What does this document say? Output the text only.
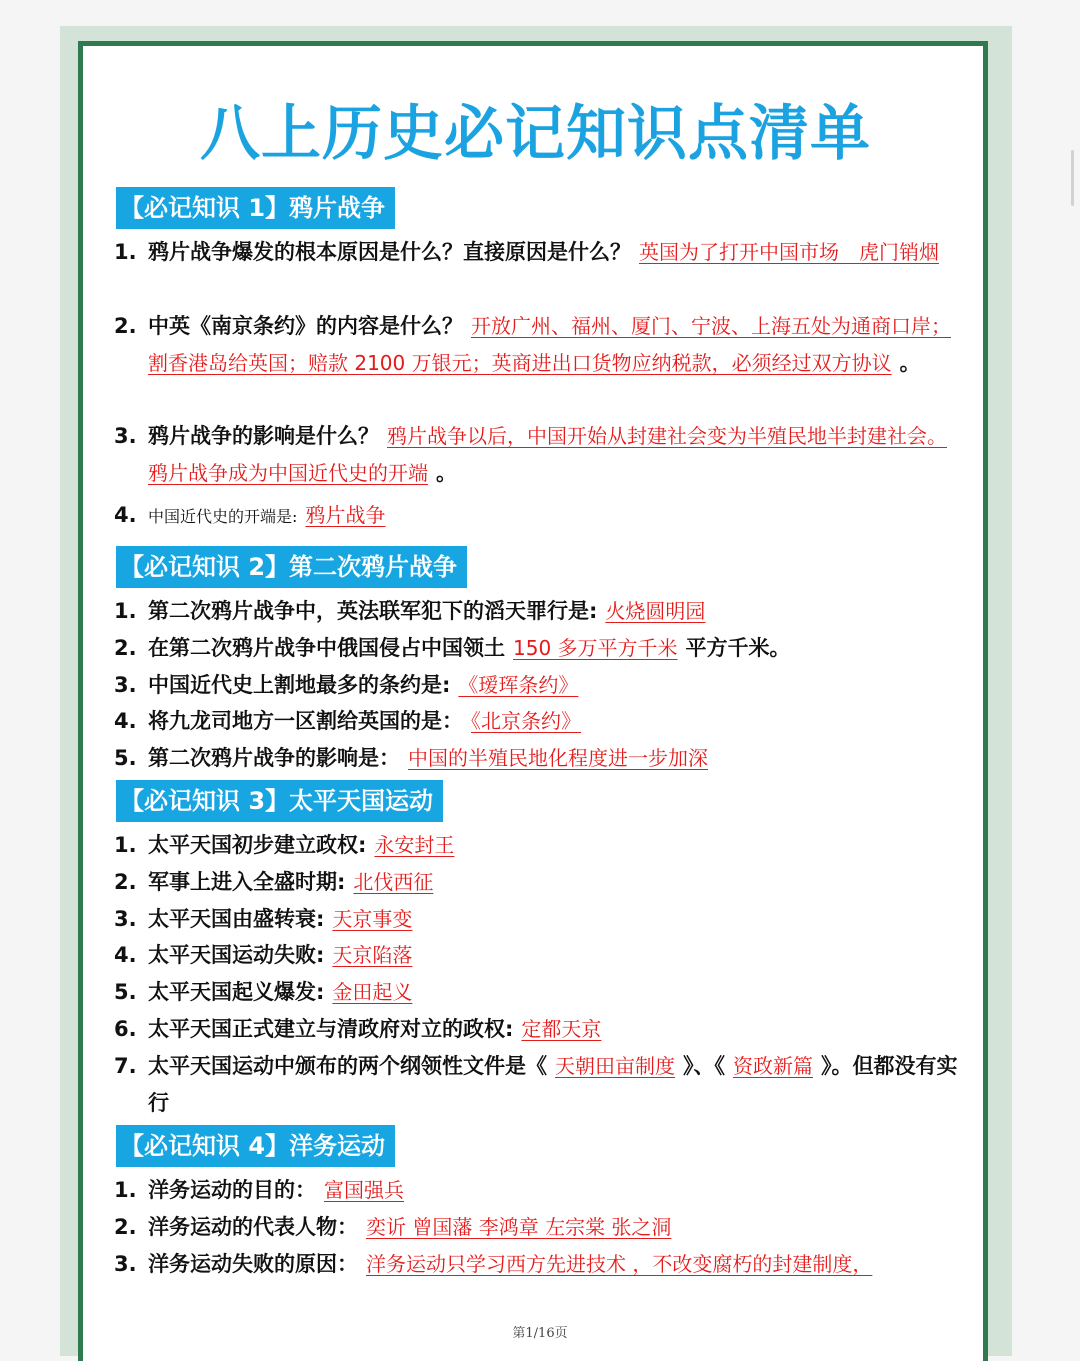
八上历史必记知识点清单
【必记知识 1】鸦片战争
1. 鸦片战争爆发的根本原因是什么？直接原因是什么？ 英国为了打开中国市场　虎门销烟
2. 中英《南京条约》的内容是什么？ 开放广州、福州、厦门、宁波、上海五处为通商口岸；割香港岛给英国；赔款 2100 万银元；英商进出口货物应纳税款，必须经过双方协议 。
3. 鸦片战争的影响是什么？ 鸦片战争以后，中国开始从封建社会变为半殖民地半封建社会。鸦片战争成为中国近代史的开端 。
4. 中国近代史的开端是: 鸦片战争
【必记知识 2】第二次鸦片战争
1. 第二次鸦片战争中，英法联军犯下的滔天罪行是: 火烧圆明园
2. 在第二次鸦片战争中俄国侵占中国领土 150 多万平方千米 平方千米。
3. 中国近代史上割地最多的条约是: 《瑷珲条约》
4. 将九龙司地方一区割给英国的是： 《北京条约》
5. 第二次鸦片战争的影响是： 中国的半殖民地化程度进一步加深
【必记知识 3】太平天国运动
1. 太平天国初步建立政权: 永安封王
2. 军事上进入全盛时期: 北伐西征
3. 太平天国由盛转衰: 天京事变
4. 太平天国运动失败: 天京陷落
5. 太平天国起义爆发: 金田起义
6. 太平天国正式建立与清政府对立的政权: 定都天京
7. 太平天国运动中颁布的两个纲领性文件是《 天朝田亩制度 》、《 资政新篇 》。但都没有实行
【必记知识 4】洋务运动
1. 洋务运动的目的： 富国强兵
2. 洋务运动的代表人物： 奕䜣 曾国藩 李鸿章 左宗棠 张之洞
3. 洋务运动失败的原因： 洋务运动只学习西方先进技术 ，不改变腐朽的封建制度，
第1/16页
